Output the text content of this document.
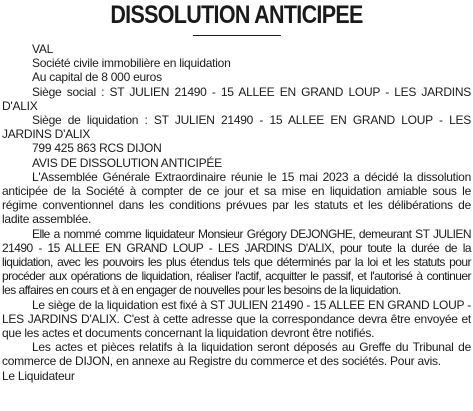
DISSOLUTION ANTICIPEE

VAL

Société civile immobilière en liquidation

Au capital de 8 000 euros

Siège social : ST JULIEN 21490 - 15 ALLEE EN GRAND LOUP - LES JARDINS D'ALIX

Siège de liquidation : ST JULIEN 21490 - 15 ALLEE EN GRAND LOUP - LES JARDINS D'ALIX

799 425 863 RCS DIJON

AVIS DE DISSOLUTION ANTICIPÉE

L'Assemblée Générale Extraordinaire réunie le 15 mai 2023 a décidé la dissolution anticipée de la Société à compter de ce jour et sa mise en liquidation amiable sous le régime conventionnel dans les conditions prévues par les statuts et les délibérations de ladite assemblée.

Elle a nommé comme liquidateur Monsieur Grégory DEJONGHE, demeurant ST JULIEN 21490 - 15 ALLEE EN GRAND LOUP - LES JARDINS D'ALIX, pour toute la durée de la liquidation, avec les pouvoirs les plus étendus tels que déterminés par la loi et les statuts pour procéder aux opérations de liquidation, réaliser l'actif, acquitter le passif, et l'autorisé à continuer les affaires en cours et à en engager de nouvelles pour les besoins de la liquidation.

Le siège de la liquidation est fixé à ST JULIEN 21490 - 15 ALLEE EN GRAND LOUP - LES JARDINS D'ALIX. C'est à cette adresse que la correspondance devra être envoyée et que les actes et documents concernant la liquidation devront être notifiés.

Les actes et pièces relatifs à la liquidation seront déposés au Greffe du Tribunal de commerce de DIJON, en annexe au Registre du commerce et des sociétés. Pour avis.

Le Liquidateur
